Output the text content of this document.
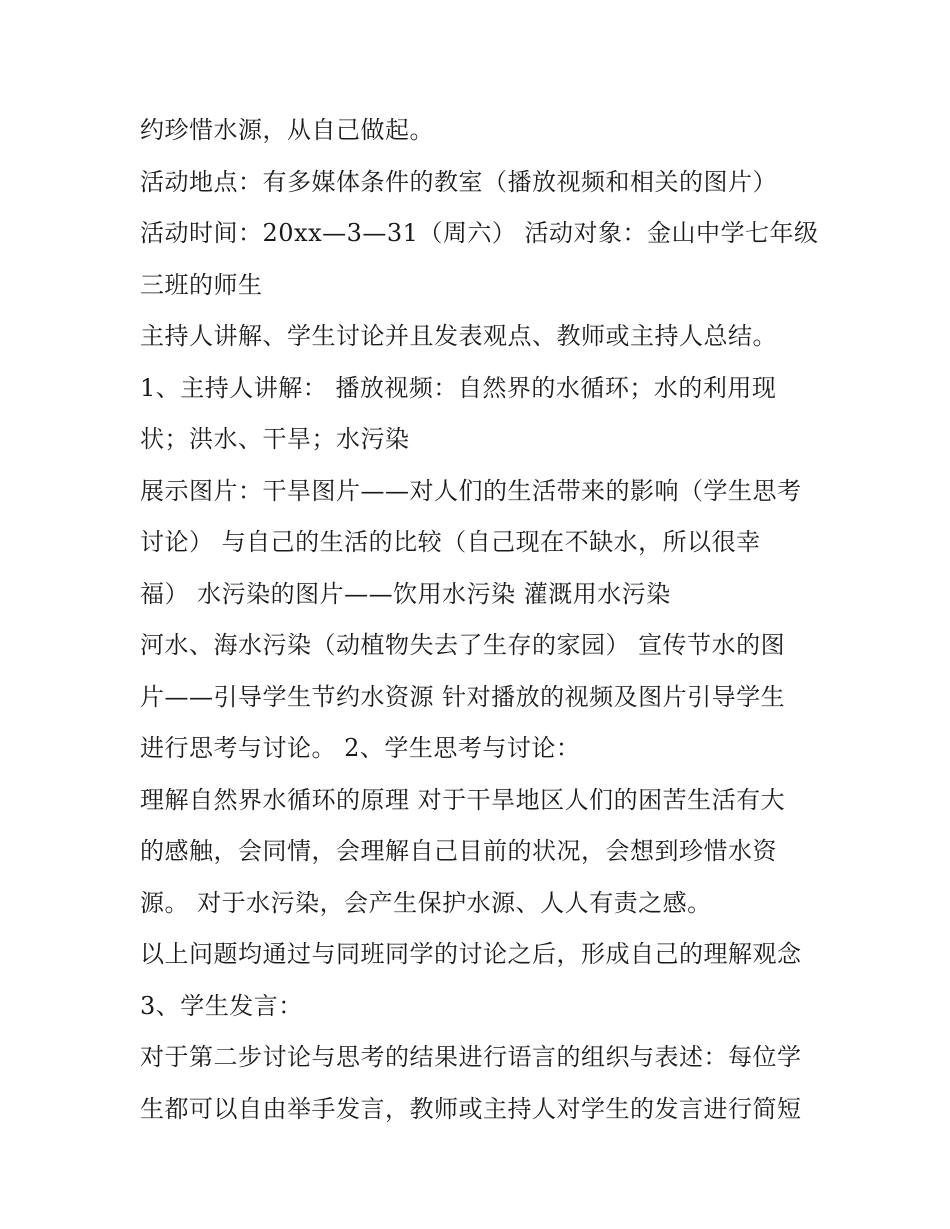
约珍惜水源，从自己做起。
活动地点：有多媒体条件的教室（播放视频和相关的图片）
活动时间：20xx—3—31（周六） 活动对象：金山中学七年级
三班的师生
主持人讲解、学生讨论并且发表观点、教师或主持人总结。
1、主持人讲解： 播放视频：自然界的水循环；水的利用现
状；洪水、干旱；水污染
展示图片：干旱图片——对人们的生活带来的影响（学生思考
讨论） 与自己的生活的比较（自己现在不缺水，所以很幸
福） 水污染的图片——饮用水污染 灌溉用水污染
河水、海水污染（动植物失去了生存的家园） 宣传节水的图
片——引导学生节约水资源 针对播放的视频及图片引导学生
进行思考与讨论。 2、学生思考与讨论：
理解自然界水循环的原理 对于干旱地区人们的困苦生活有大
的感触，会同情，会理解自己目前的状况，会想到珍惜水资
源。 对于水污染，会产生保护水源、人人有责之感。
以上问题均通过与同班同学的讨论之后，形成自己的理解观念
3、学生发言：
对于第二步讨论与思考的结果进行语言的组织与表述：每位学
生都可以自由举手发言，教师或主持人对学生的发言进行简短
